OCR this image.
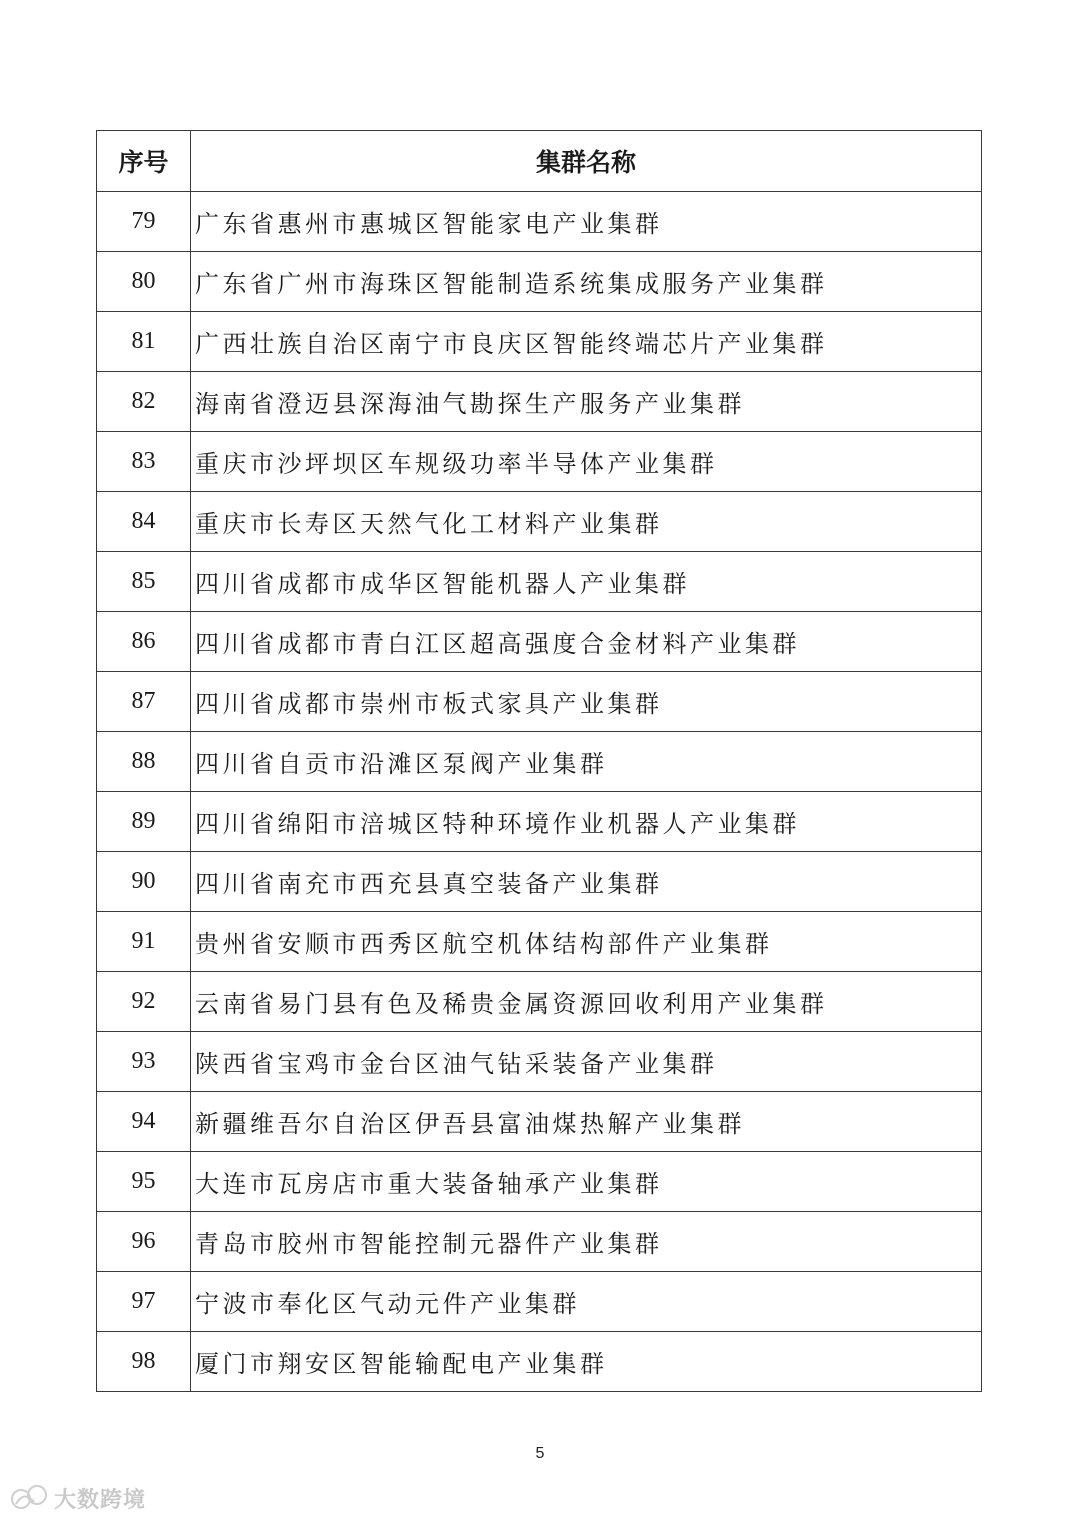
序号	集群名称
79	广东省惠州市惠城区智能家电产业集群
80	广东省广州市海珠区智能制造系统集成服务产业集群
81	广西壮族自治区南宁市良庆区智能终端芯片产业集群
82	海南省澄迈县深海油气勘探生产服务产业集群
83	重庆市沙坪坝区车规级功率半导体产业集群
84	重庆市长寿区天然气化工材料产业集群
85	四川省成都市成华区智能机器人产业集群
86	四川省成都市青白江区超高强度合金材料产业集群
87	四川省成都市崇州市板式家具产业集群
88	四川省自贡市沿滩区泵阀产业集群
89	四川省绵阳市涪城区特种环境作业机器人产业集群
90	四川省南充市西充县真空装备产业集群
91	贵州省安顺市西秀区航空机体结构部件产业集群
92	云南省易门县有色及稀贵金属资源回收利用产业集群
93	陕西省宝鸡市金台区油气钻采装备产业集群
94	新疆维吾尔自治区伊吾县富油煤热解产业集群
95	大连市瓦房店市重大装备轴承产业集群
96	青岛市胶州市智能控制元器件产业集群
97	宁波市奉化区气动元件产业集群
98	厦门市翔安区智能输配电产业集群
5
大数跨境
